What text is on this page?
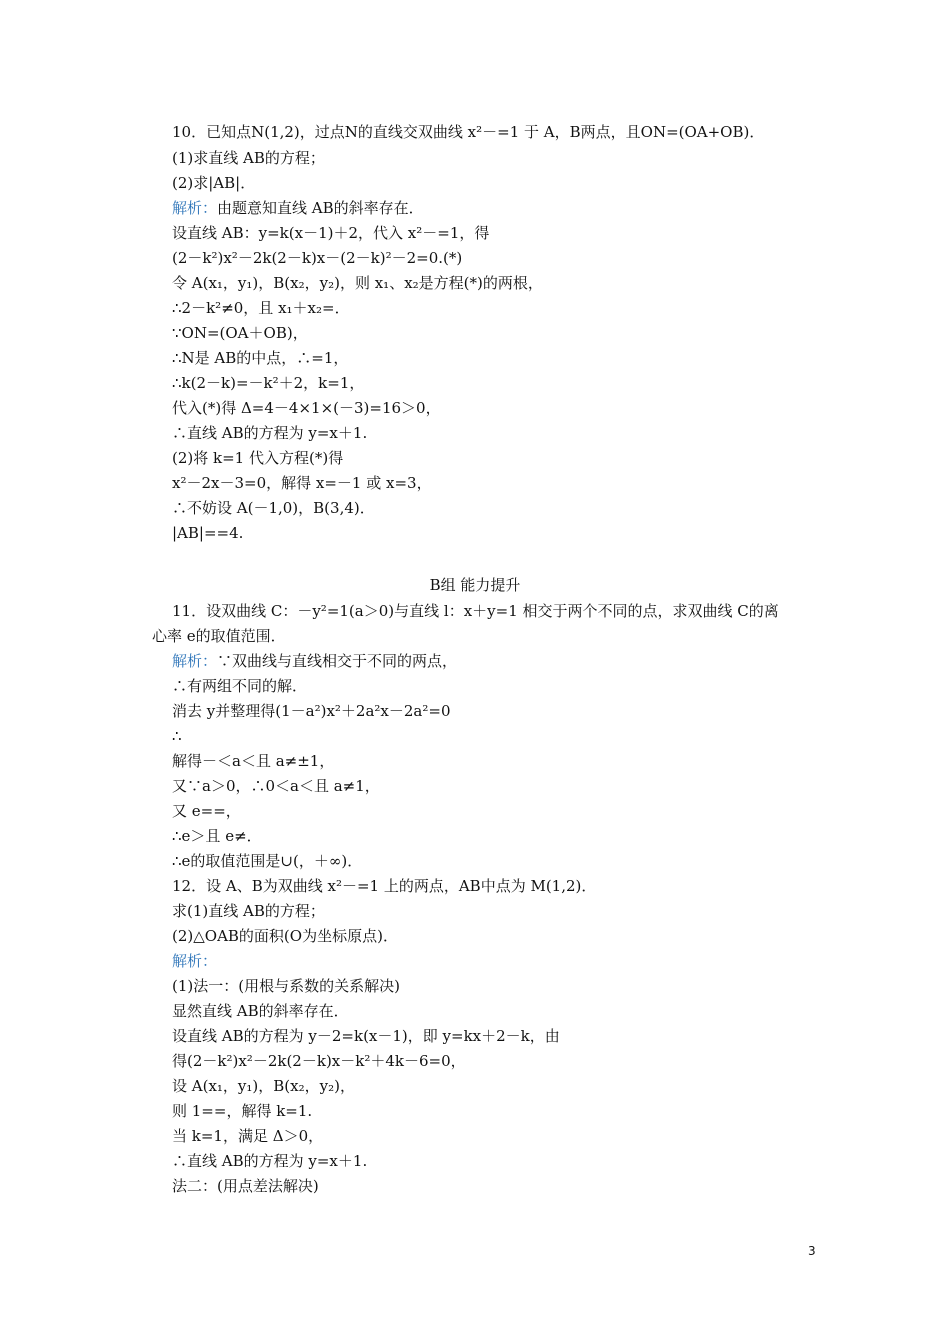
10．已知点N(1,2)，过点N的直线交双曲线 x²－=1 于 A，B两点，且ON=(OA+OB)．
(1)求直线 AB的方程；
(2)求|AB|．
解析：由题意知直线 AB的斜率存在．
设直线 AB：y=k(x－1)＋2，代入 x²－=1，得
(2－k²)x²－2k(2－k)x－(2－k)²－2=0.(*)
令 A(x₁，y₁)，B(x₂，y₂)，则 x₁、x₂是方程(*)的两根，
∴2－k²≠0，且 x₁＋x₂=．
∵ON=(OA＋OB)，
∴N是 AB的中点，∴=1，
∴k(2－k)=－k²＋2，k=1，
代入(*)得 Δ=4－4×1×(－3)=16＞0，
∴直线 AB的方程为 y=x＋1.
(2)将 k=1 代入方程(*)得
x²－2x－3=0，解得 x=－1 或 x=3，
∴不妨设 A(－1,0)，B(3,4)．
|AB|==4.
B组 能力提升
11．设双曲线 C：－y²=1(a＞0)与直线 l：x＋y=1 相交于两个不同的点，求双曲线 C的离
心率 e的取值范围．
解析：∵双曲线与直线相交于不同的两点，
∴有两组不同的解．
消去 y并整理得(1－a²)x²＋2a²x－2a²=0
∴
解得－＜a＜且 a≠±1，
又∵a＞0，∴0＜a＜且 a≠1，
又 e==，
∴e＞且 e≠．
∴e的取值范围是∪(，＋∞)．
12．设 A、B为双曲线 x²－=1 上的两点，AB中点为 M(1,2)．
求(1)直线 AB的方程；
(2)△OAB的面积(O为坐标原点)．
解析：
(1)法一：(用根与系数的关系解决)
显然直线 AB的斜率存在．
设直线 AB的方程为 y－2=k(x－1)，即 y=kx＋2－k，由
得(2－k²)x²－2k(2－k)x－k²＋4k－6=0，
设 A(x₁，y₁)，B(x₂，y₂)，
则 1==，解得 k=1.
当 k=1，满足 Δ＞0，
∴直线 AB的方程为 y=x＋1.
法二：(用点差法解决)
3
